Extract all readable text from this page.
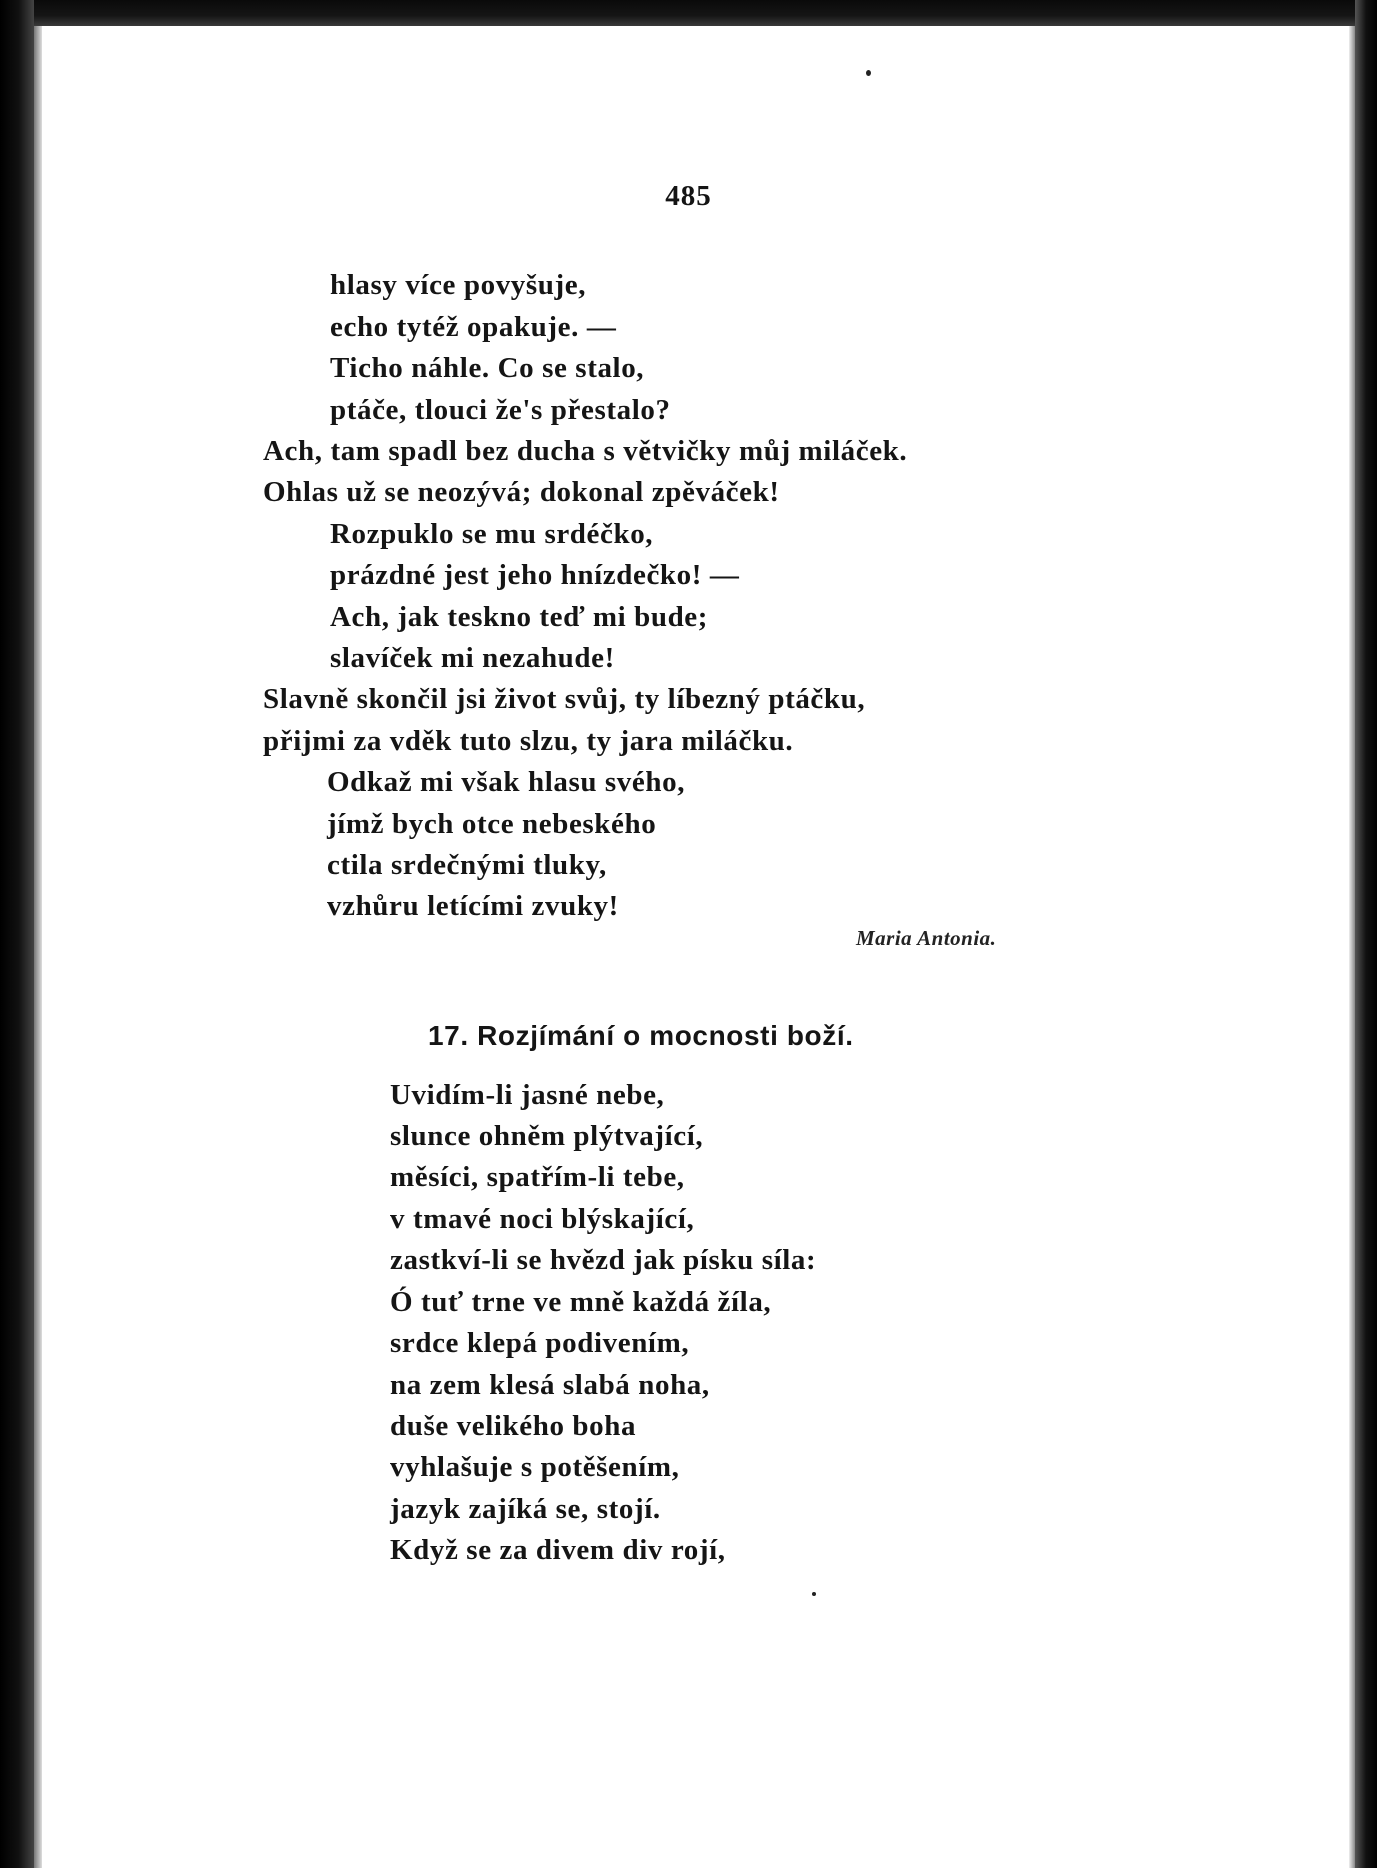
485
hlasy více povyšuje,
echo tytéž opakuje. —
Ticho náhle. Co se stalo,
ptáče, tlouci že's přestalo?
Ach, tam spadl bez ducha s větvičky můj miláček.
Ohlas už se neozývá; dokonal zpěváček!
Rozpuklo se mu srdéčko,
prázdné jest jeho hnízdečko! —
Ach, jak teskno teď mi bude;
slavíček mi nezahude!
Slavně skončil jsi život svůj, ty líbezný ptáčku,
přijmi za vděk tuto slzu, ty jara miláčku.
Odkaž mi však hlasu svého,
jímž bych otce nebeského
ctila srdečnými tluky,
vzhůru letícími zvuky!
Maria Antonia.
17. Rozjímání o mocnosti boží.
Uvidím-li jasné nebe,
slunce ohněm plýtvající,
měsíci, spatřím-li tebe,
v tmavé noci blýskající,
zastkví-li se hvězd jak písku síla:
Ó tuť trne ve mně každá žíla,
srdce klepá podivením,
na zem klesá slabá noha,
duše velikého boha
vyhlašuje s potěšením,
jazyk zajíká se, stojí.
Když se za divem div rojí,
